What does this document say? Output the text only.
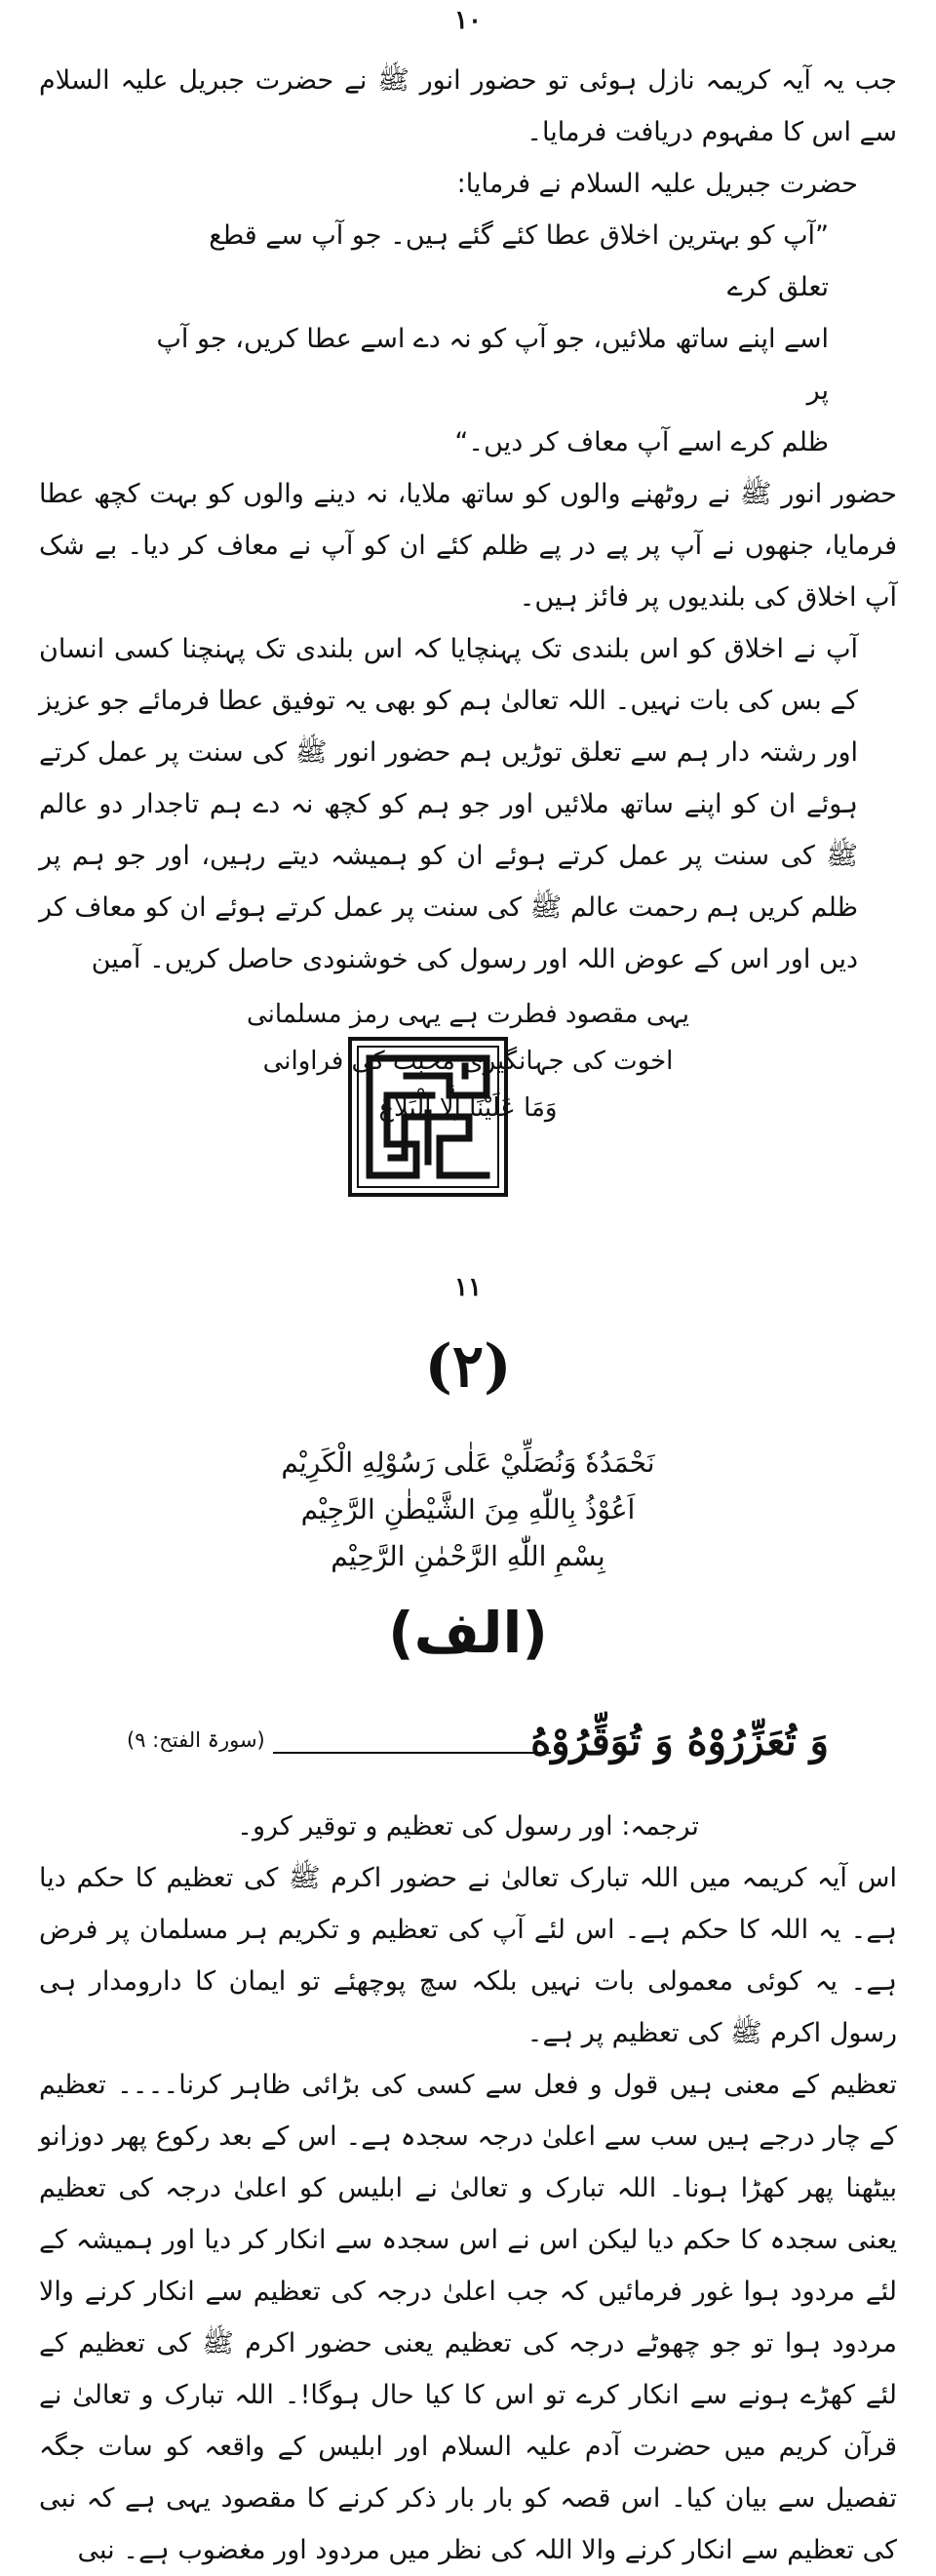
۱۰

جب یہ آیہ کریمہ نازل ہوئی تو حضور انور ﷺ نے حضرت جبریل علیہ السلام سے اس کا مفہوم دریافت فرمایا۔

حضرت جبریل علیہ السلام نے فرمایا:

”آپ کو بہترین اخلاق عطا کئے گئے ہیں۔ جو آپ سے قطع تعلق کرے

اسے اپنے ساتھ ملائیں، جو آپ کو نہ دے اسے عطا کریں، جو آپ پر

ظلم کرے اسے آپ معاف کر دیں۔“

حضور انور ﷺ نے روٹھنے والوں کو ساتھ ملایا، نہ دینے والوں کو بہت کچھ عطا فرمایا، جنھوں نے آپ پر پے در پے ظلم کئے ان کو آپ نے معاف کر دیا۔ بے شک آپ اخلاق کی بلندیوں پر فائز ہیں۔

آپ نے اخلاق کو اس بلندی تک پہنچایا کہ اس بلندی تک پہنچنا کسی انسان کے بس کی بات نہیں۔ اللہ تعالیٰ ہم کو بھی یہ توفیق عطا فرمائے جو عزیز اور رشتہ دار ہم سے تعلق توڑیں ہم حضور انور ﷺ کی سنت پر عمل کرتے ہوئے ان کو اپنے ساتھ ملائیں اور جو ہم کو کچھ نہ دے ہم تاجدار دو عالم ﷺ کی سنت پر عمل کرتے ہوئے ان کو ہمیشہ دیتے رہیں، اور جو ہم پر ظلم کریں ہم رحمت عالم ﷺ کی سنت پر عمل کرتے ہوئے ان کو معاف کر دیں اور اس کے عوض اللہ اور رسول کی خوشنودی حاصل کریں۔ آمین

یہی مقصود فطرت ہے یہی رمز مسلمانی

اخوت کی جہانگیری محبت کی فراوانی

وَمَا عَلَيْنَا اِلَّا الْبَلَاغ

۱۱
(۲)

نَحْمَدُهٗ وَنُصَلِّيْ عَلٰى رَسُوْلِهِ الْكَرِيْم

اَعُوْذُ بِاللّٰهِ مِنَ الشَّيْطٰنِ الرَّجِيْم

بِسْمِ اللّٰهِ الرَّحْمٰنِ الرَّحِيْم

(الف)
وَ تُعَزِّرُوْهُ وَ تُوَقِّرُوْهُ
(سورۃ الفتح: ۹)

ترجمہ: اور رسول کی تعظیم و توقیر کرو۔

اس آیہ کریمہ میں اللہ تبارک تعالیٰ نے حضور اکرم ﷺ کی تعظیم کا حکم دیا ہے۔ یہ اللہ کا حکم ہے۔ اس لئے آپ کی تعظیم و تکریم ہر مسلمان پر فرض ہے۔ یہ کوئی معمولی بات نہیں بلکہ سچ پوچھئے تو ایمان کا دارومدار ہی رسول اکرم ﷺ کی تعظیم پر ہے۔

تعظیم کے معنی ہیں قول و فعل سے کسی کی بڑائی ظاہر کرنا۔۔۔۔ تعظیم کے چار درجے ہیں سب سے اعلیٰ درجہ سجدہ ہے۔ اس کے بعد رکوع پھر دوزانو بیٹھنا پھر کھڑا ہونا۔ اللہ تبارک و تعالیٰ نے ابلیس کو اعلیٰ درجہ کی تعظیم یعنی سجدہ کا حکم دیا لیکن اس نے اس سجدہ سے انکار کر دیا اور ہمیشہ کے لئے مردود ہوا غور فرمائیں کہ جب اعلیٰ درجہ کی تعظیم سے انکار کرنے والا مردود ہوا تو جو چھوٹے درجہ کی تعظیم یعنی حضور اکرم ﷺ کی تعظیم کے لئے کھڑے ہونے سے انکار کرے تو اس کا کیا حال ہوگا!۔ اللہ تبارک و تعالیٰ نے قرآن کریم میں حضرت آدم علیہ السلام اور ابلیس کے واقعہ کو سات جگہ تفصیل سے بیان کیا۔ اس قصہ کو بار بار ذکر کرنے کا مقصود یہی ہے کہ نبی کی تعظیم سے انکار کرنے والا اللہ کی نظر میں مردود اور مغضوب ہے۔ نبی
